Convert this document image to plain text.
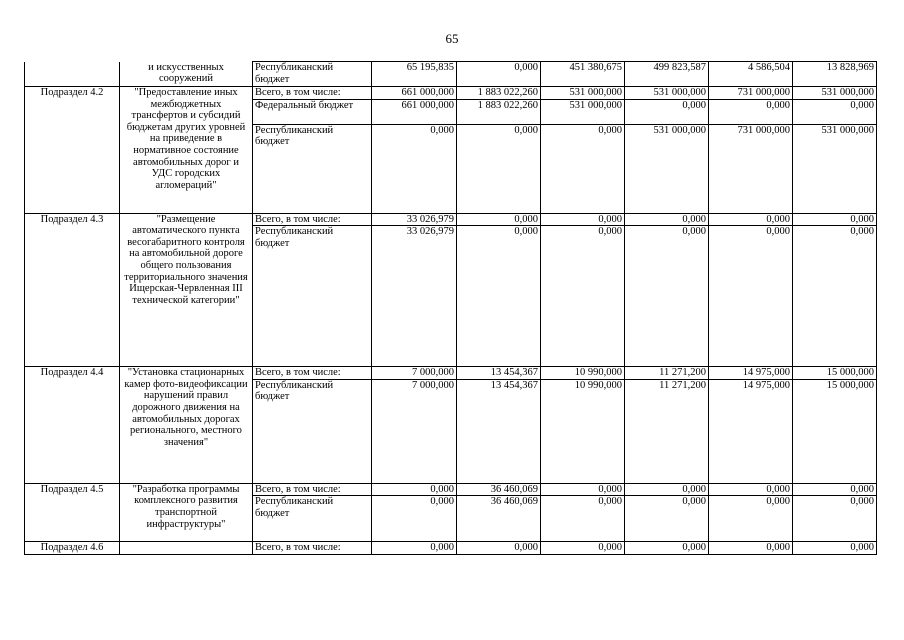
65
	и искусственных сооружений	Республиканский бюджет	65 195,835	0,000	451 380,675	499 823,587	4 586,504	13 828,969
Подраздел 4.2	"Предоставление иных межбюджетных трансфертов и субсидий бюджетам других уровней на приведение в нормативное состояние автомобильных дорог и УДС городских агломераций"	Всего, в том числе:	661 000,000	1 883 022,260	531 000,000	531 000,000	731 000,000	531 000,000
		Федеральный бюджет	661 000,000	1 883 022,260	531 000,000	0,000	0,000	0,000
		Республиканский бюджет	0,000	0,000	0,000	531 000,000	731 000,000	531 000,000
Подраздел 4.3	"Размещение автоматического пункта весогабаритного контроля на автомобильной дороге общего пользования территориального значения Ищерская-Червленная III технической категории"	Всего, в том числе:	33 026,979	0,000	0,000	0,000	0,000	0,000
		Республиканский бюджет	33 026,979	0,000	0,000	0,000	0,000	0,000
Подраздел 4.4	"Установка стационарных камер фото-видеофиксации нарушений правил дорожного движения на автомобильных дорогах регионального, местного значения"	Всего, в том числе:	7 000,000	13 454,367	10 990,000	11 271,200	14 975,000	15 000,000
		Республиканский бюджет	7 000,000	13 454,367	10 990,000	11 271,200	14 975,000	15 000,000
Подраздел 4.5	"Разработка программы комплексного развития транспортной инфраструктуры"	Всего, в том числе:	0,000	36 460,069	0,000	0,000	0,000	0,000
		Республиканский бюджет	0,000	36 460,069	0,000	0,000	0,000	0,000
Подраздел 4.6		Всего, в том числе:	0,000	0,000	0,000	0,000	0,000	0,000
